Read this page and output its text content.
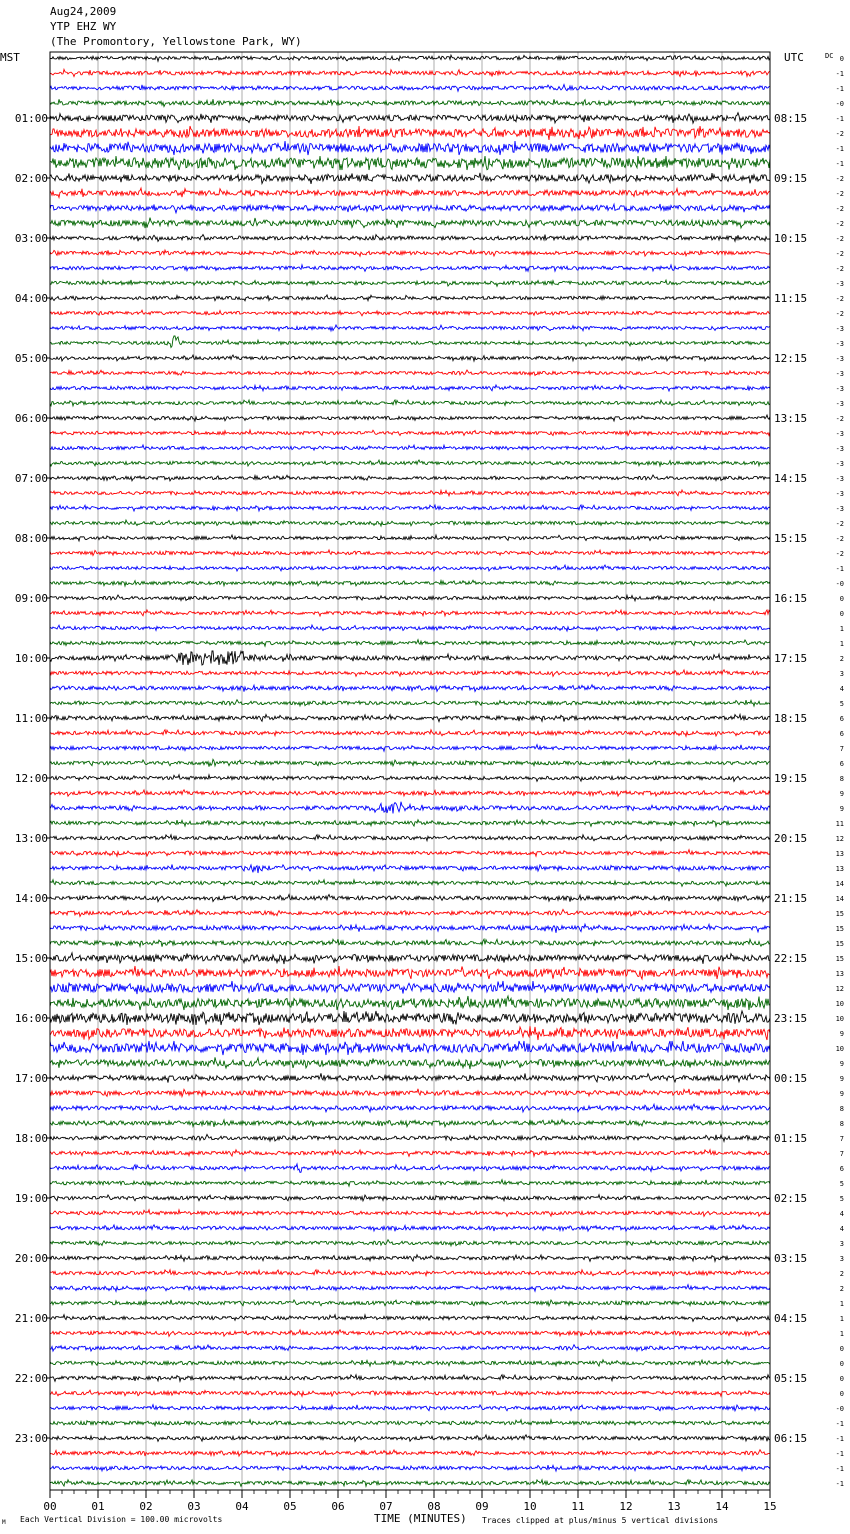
Aug24,2009
YTP EHZ WY
(The Promontory, Yellowstone Park, WY)
00	01	02	03	04	05	06	07	08	09	10	11	12	13	14	15
0
-1
-1
-0
-1
-2
-1
-1
-2
-2
-2
-2
-2
-2
-2
-3
-2
-2
-3
-3
-3
-3
-3
-3
-2
-3
-3
-3
-3
-3
-3
-2
-2
-2
-1
-0
0
0
1
1
2
3
4
5
6
6
7
6
8
9
9
11
12
13
13
14
14
15
15
15
15
13
12
10
10
9
10
9
9
9
8
8
7
7
6
5
5
4
4
3
3
2
2
1
1
1
0
0
0
0
-0
-1
-1
-1
-1
-1
01:00
02:00
03:00
04:00
05:00
06:00
07:00
08:00
09:00
10:00
11:00
12:00
13:00
14:00
15:00
16:00
17:00
18:00
19:00
20:00
21:00
22:00
23:00
08:15
09:15
10:15
11:15
12:15
13:15
14:15
15:15
16:15
17:15
18:15
19:15
20:15
21:15
22:15
23:15
00:15
01:15
02:15
03:15
04:15
05:15
06:15
MST	UTC	DC
M Each Vertical Division = 100.00 microvolts	TIME (MINUTES) Traces clipped at plus/minus 5 vertical divisions
